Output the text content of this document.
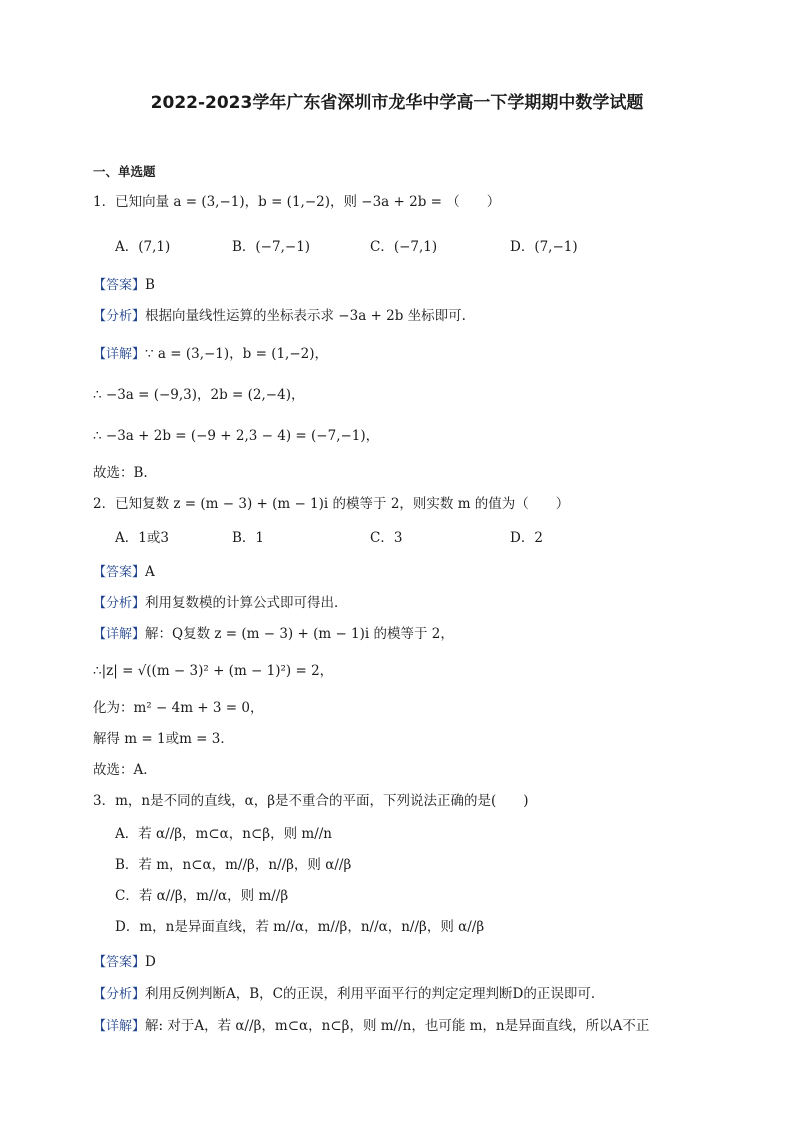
2022-2023学年广东省深圳市龙华中学高一下学期期中数学试题
一、单选题
1．已知向量 a = (3,−1)，b = (1,−2)，则 −3a + 2b = （　　）
A．(7,1)	B．(−7,−1)	C．(−7,1)	D．(7,−1)
【答案】B
【分析】根据向量线性运算的坐标表示求 −3a + 2b 坐标即可.
【详解】∵ a = (3,−1)，b = (1,−2)，
∴ −3a = (−9,3)，2b = (2,−4)，
∴ −3a + 2b = (−9 + 2,3 − 4) = (−7,−1)，
故选：B.
2．已知复数 z = (m − 3) + (m − 1)i 的模等于 2，则实数 m 的值为（　　）
A．1或3	B．1	C．3	D．2
【答案】A
【分析】利用复数模的计算公式即可得出．
【详解】解：Q复数 z = (m − 3) + (m − 1)i 的模等于 2，
∴|z| = √((m − 3)² + (m − 1)²) = 2，
化为：m² − 4m + 3 = 0，
解得 m = 1或m = 3．
故选：A．
3．m，n是不同的直线，α，β是不重合的平面，下列说法正确的是(　　)
A．若 α//β，m⊂α，n⊂β，则 m//n
B．若 m，n⊂α，m//β，n//β，则 α//β
C．若 α//β，m//α，则 m//β
D．m，n是异面直线，若 m//α，m//β，n//α，n//β，则 α//β
【答案】D
【分析】利用反例判断A，B，C的正误，利用平面平行的判定定理判断D的正误即可．
【详解】解: 对于A，若 α//β，m⊂α，n⊂β，则 m//n，也可能 m，n是异面直线，所以A不正
